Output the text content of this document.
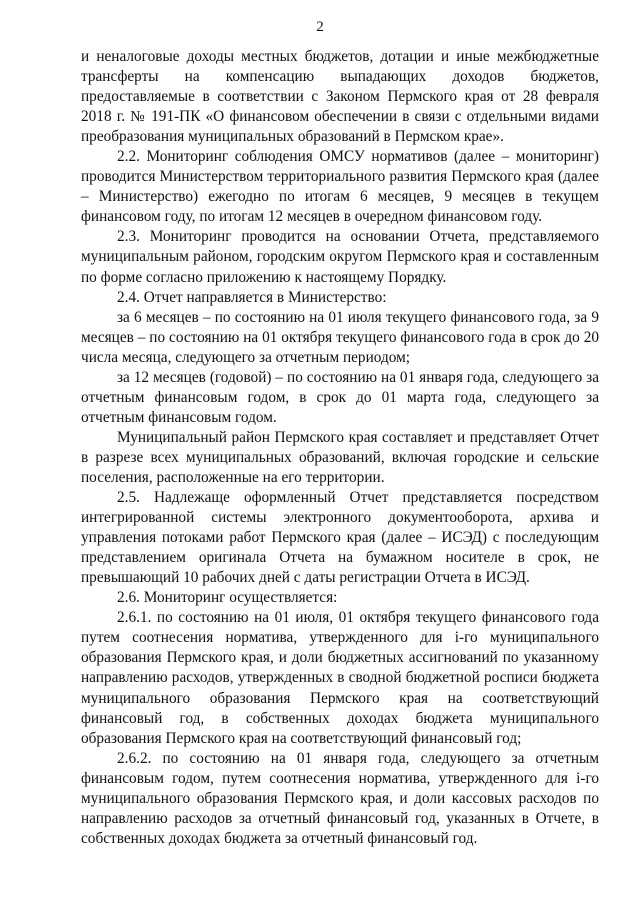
2

и неналоговые доходы местных бюджетов, дотации и иные межбюджетные трансферты на компенсацию выпадающих доходов бюджетов, предоставляемые в соответствии с Законом Пермского края от 28 февраля 2018 г. № 191-ПК «О финансовом обеспечении в связи с отдельными видами преобразования муниципальных образований в Пермском крае».

2.2. Мониторинг соблюдения ОМСУ нормативов (далее – мониторинг) проводится Министерством территориального развития Пермского края (далее – Министерство) ежегодно по итогам 6 месяцев, 9 месяцев в текущем финансовом году, по итогам 12 месяцев в очередном финансовом году.

2.3. Мониторинг проводится на основании Отчета, представляемого муниципальным районом, городским округом Пермского края и составленным по форме согласно приложению к настоящему Порядку.

2.4. Отчет направляется в Министерство:

за 6 месяцев – по состоянию на 01 июля текущего финансового года, за 9 месяцев – по состоянию на 01 октября текущего финансового года в срок до 20 числа месяца, следующего за отчетным периодом;

за 12 месяцев (годовой) – по состоянию на 01 января года, следующего за отчетным финансовым годом, в срок до 01 марта года, следующего за отчетным финансовым годом.

Муниципальный район Пермского края составляет и представляет Отчет в разрезе всех муниципальных образований, включая городские и сельские поселения, расположенные на его территории.

2.5. Надлежаще оформленный Отчет представляется посредством интегрированной системы электронного документооборота, архива и управления потоками работ Пермского края (далее – ИСЭД) с последующим представлением оригинала Отчета на бумажном носителе в срок, не превышающий 10 рабочих дней с даты регистрации Отчета в ИСЭД.

2.6. Мониторинг осуществляется:

2.6.1. по состоянию на 01 июля, 01 октября текущего финансового года путем соотнесения норматива, утвержденного для i-го муниципального образования Пермского края, и доли бюджетных ассигнований по указанному направлению расходов, утвержденных в сводной бюджетной росписи бюджета муниципального образования Пермского края на соответствующий финансовый год, в собственных доходах бюджета муниципального образования Пермского края на соответствующий финансовый год;

2.6.2. по состоянию на 01 января года, следующего за отчетным финансовым годом, путем соотнесения норматива, утвержденного для i-го муниципального образования Пермского края, и доли кассовых расходов по направлению расходов за отчетный финансовый год, указанных в Отчете, в собственных доходах бюджета за отчетный финансовый год.
